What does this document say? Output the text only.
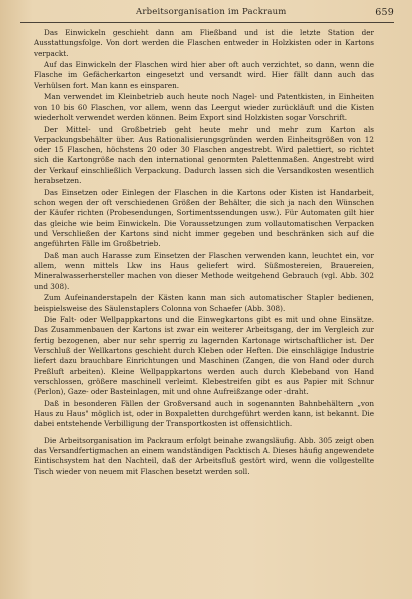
Arbeitsorganisation im Packraum	659

Das Einwickeln geschieht dann am Fließband und ist die letzte Station der Ausstattungsfolge. Von dort werden die Flaschen entweder in Holzkisten oder in Kartons verpackt.

Auf das Einwickeln der Flaschen wird hier aber oft auch verzichtet, so dann, wenn die Flasche im Gefächerkarton eingesetzt und versandt wird. Hier fällt dann auch das Verhülsen fort. Man kann es einsparen.

Man verwendet im Kleinbetrieb auch heute noch Nagel- und Patentkisten, in Einheiten von 10 bis 60 Flaschen, vor allem, wenn das Leergut wieder zurückläuft und die Kisten wiederholt verwendet werden können. Beim Export sind Holzkisten sogar Vorschrift.

Der Mittel- und Großbetrieb geht heute mehr und mehr zum Karton als Verpackungsbehälter über. Aus Rationalisierungsgründen werden Einheitsgrößen von 12 oder 15 Flaschen, höchstens 20 oder 30 Flaschen angestrebt. Wird palettiert, so richtet sich die Kartongröße nach den international genormten Palettenmaßen. Angestrebt wird der Verkauf einschließlich Verpackung. Dadurch lassen sich die Versandkosten wesentlich herabsetzen.

Das Einsetzen oder Einlegen der Flaschen in die Kartons oder Kisten ist Handarbeit, schon wegen der oft verschiedenen Größen der Behälter, die sich ja nach den Wünschen der Käufer richten (Probesendungen, Sortimentssendungen usw.). Für Automaten gilt hier das gleiche wie beim Einwickeln. Die Voraussetzungen zum vollautomatischen Verpacken und Verschließen der Kartons sind nicht immer gegeben und beschränken sich auf die angeführten Fälle im Großbetrieb.

Daß man auch Harasse zum Einsetzen der Flaschen verwenden kann, leuchtet ein, vor allem, wenn mittels Lkw ins Haus geliefert wird. Süßmostereien, Brauereien, Mineralwasserhersteller machen von dieser Methode weitgehend Gebrauch (vgl. Abb. 302 und 308).

Zum Aufeinanderstapeln der Kästen kann man sich automatischer Stapler bedienen, beispielsweise des Säulenstaplers Colonna von Schaefer (Abb. 308).

Die Falt- oder Wellpappkartons und die Einwegkartons gibt es mit und ohne Einsätze. Das Zusammenbauen der Kartons ist zwar ein weiterer Arbeitsgang, der im Vergleich zur fertig bezogenen, aber nur sehr sperrig zu lagernden Kartonage wirtschaftlicher ist. Der Verschluß der Wellkartons geschieht durch Kleben oder Heften. Die einschlägige Industrie liefert dazu brauchbare Einrichtungen und Maschinen (Zangen, die von Hand oder durch Preßluft arbeiten). Kleine Wellpappkartons werden auch durch Klebeband von Hand verschlossen, größere maschinell verleimt. Klebestreifen gibt es aus Papier mit Schnur (Perlon), Gaze- oder Basteinlagen, mit und ohne Aufreißzange oder -draht.

Daß in besonderen Fällen der Großversand auch in sogenannten Bahnbehältern „von Haus zu Haus" möglich ist, oder in Boxpaletten durchgeführt werden kann, ist bekannt. Die dabei entstehende Verbilligung der Transportkosten ist offensichtlich.

Die Arbeitsorganisation im Packraum erfolgt beinahe zwangsläufig. Abb. 305 zeigt oben das Versandfertigmachen an einem wandständigen Packtisch A. Dieses häufig angewendete Eintischsystem hat den Nachteil, daß der Arbeitsfluß gestört wird, wenn die vollgestellte Tisch wieder von neuem mit Flaschen besetzt werden soll.
